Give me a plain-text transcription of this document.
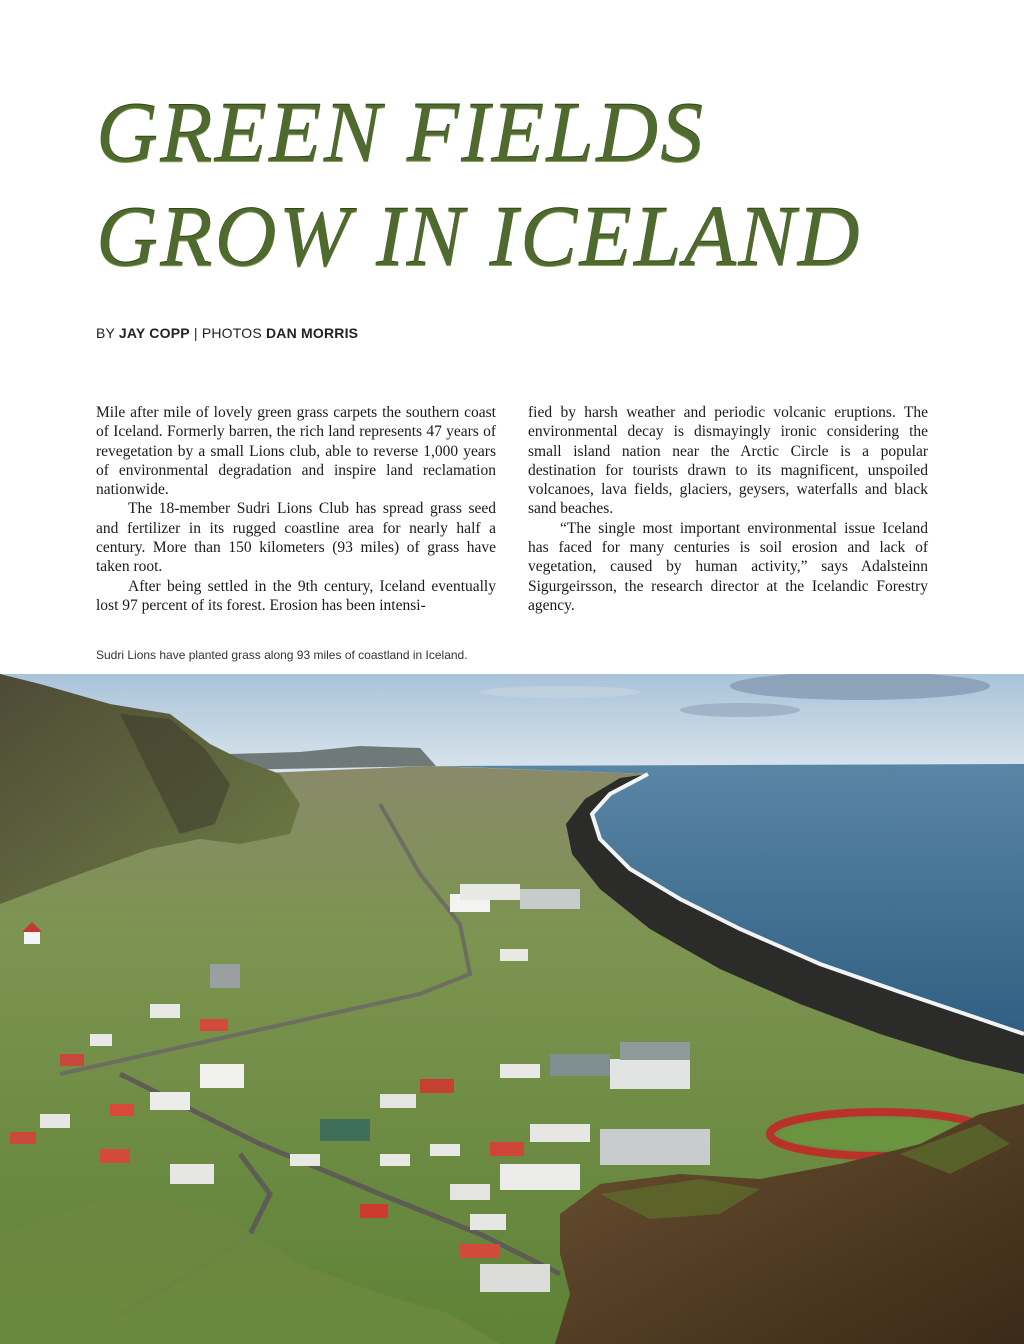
GREEN FIELDS
GROW IN ICELAND
BY JAY COPP | PHOTOS DAN MORRIS

Mile after mile of lovely green grass carpets the southern coast of Iceland. Formerly barren, the rich land represents 47 years of revegetation by a small Lions club, able to reverse 1,000 years of environmental degradation and inspire land reclamation nationwide.

The 18-member Sudri Lions Club has spread grass seed and fertilizer in its rugged coastline area for nearly half a century. More than 150 kilometers (93 miles) of grass have taken root.

After being settled in the 9th century, Iceland eventually lost 97 percent of its forest. Erosion has been intensi-

fied by harsh weather and periodic volcanic eruptions. The environmental decay is dismayingly ironic considering the small island nation near the Arctic Circle is a popular destination for tourists drawn to its magnificent, unspoiled volcanoes, lava fields, glaciers, geysers, waterfalls and black sand beaches.

“The single most important environmental issue Iceland has faced for many centuries is soil erosion and lack of vegetation, caused by human activity,” says Adalsteinn Sigurgeirsson, the research director at the Icelandic Forestry agency.

Sudri Lions have planted grass along 93 miles of coastland in Iceland.
